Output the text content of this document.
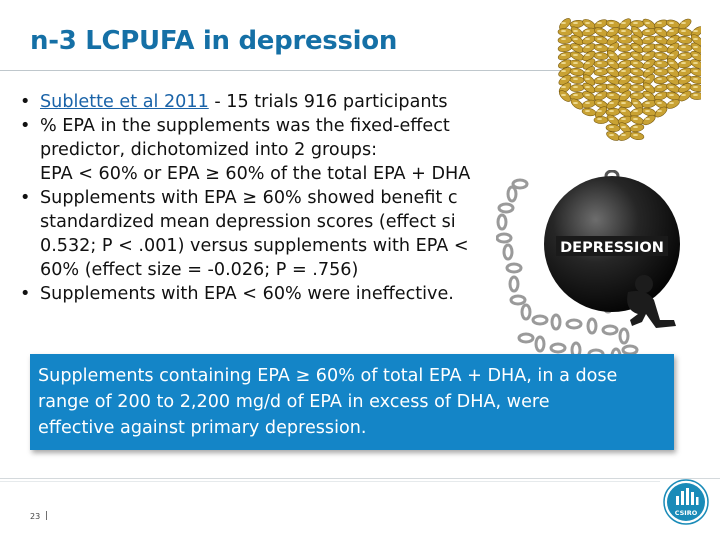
n-3 LCPUFA in depression
DEPRESSION
• Sublette et al 2011 - 15 trials 916 participants
• % EPA in the supplements was the fixed-effect
predictor, dichotomized into 2 groups:
EPA < 60% or EPA ≥ 60% of the total EPA + DHA
• Supplements with EPA ≥ 60% showed benefit c
standardized mean depression scores (effect si
0.532; P < .001) versus supplements with EPA <
60% (effect size = -0.026; P = .756)
• Supplements with EPA < 60% were ineffective.
Supplements containing EPA ≥ 60% of total EPA + DHA, in a dose
range of 200 to 2,200 mg/d of EPA in excess of DHA, were
effective against primary depression.
23 |	CSIRO
